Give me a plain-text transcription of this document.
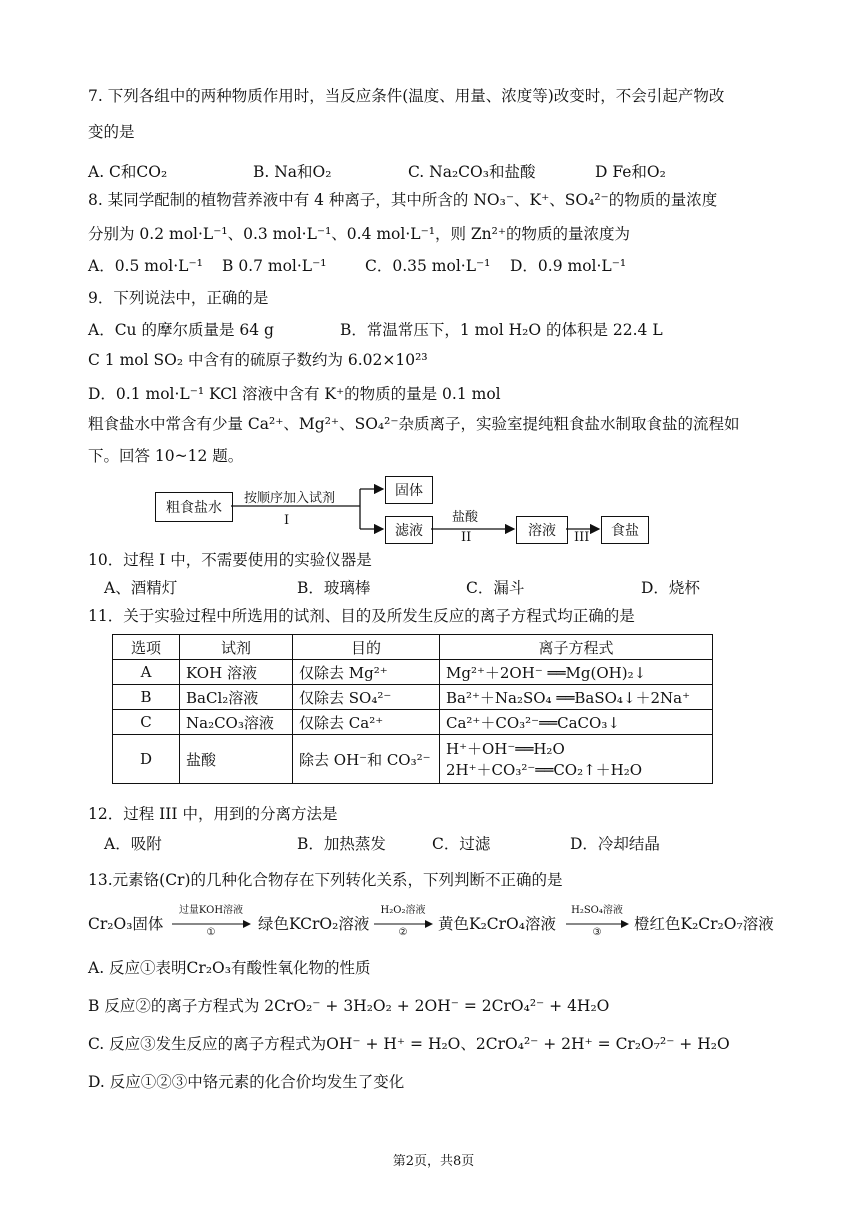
7. 下列各组中的两种物质作用时，当反应条件(温度、用量、浓度等)改变时，不会引起产物改
变的是
A. C和CO₂	B. Na和O₂	C. Na₂CO₃和盐酸	D Fe和O₂
8. 某同学配制的植物营养液中有 4 种离子，其中所含的 NO₃⁻、K⁺、SO₄²⁻的物质的量浓度
分别为 0.2 mol·L⁻¹、0.3 mol·L⁻¹、0.4 mol·L⁻¹，则 Zn²⁺的物质的量浓度为
A．0.5 mol·L⁻¹ B 0.7 mol·L⁻¹ C．0.35 mol·L⁻¹ D．0.9 mol·L⁻¹
9．下列说法中，正确的是
A．Cu 的摩尔质量是 64 g	B．常温常压下，1 mol H₂O 的体积是 22.4 L
C 1 mol SO₂ 中含有的硫原子数约为 6.02×10²³
D．0.1 mol·L⁻¹ KCl 溶液中含有 K⁺的物质的量是 0.1 mol
粗食盐水中常含有少量 Ca²⁺、Mg²⁺、SO₄²⁻杂质离子，实验室提纯粗食盐水制取食盐的流程如
下。回答 10~12 题。
粗食盐水
按顺序加入试剂
I
固体
滤液
盐酸
II	溶液	III	食盐
10．过程 I 中，不需要使用的实验仪器是
A、酒精灯	B．玻璃棒	C．漏斗	D．烧杯
11．关于实验过程中所选用的试剂、目的及所发生反应的离子方程式均正确的是
选项	试剂	目的	离子方程式
A	KOH 溶液	仅除去 Mg²⁺	Mg²⁺＋2OH⁻ ══Mg(OH)₂↓
B	BaCl₂溶液	仅除去 SO₄²⁻	Ba²⁺＋Na₂SO₄ ══BaSO₄↓＋2Na⁺
C	Na₂CO₃溶液	仅除去 Ca²⁺	Ca²⁺＋CO₃²⁻══CaCO₃↓
D	盐酸	除去 OH⁻和 CO₃²⁻	H⁺＋OH⁻══H₂O
2H⁺＋CO₃²⁻══CO₂↑＋H₂O
12．过程 III 中，用到的分离方法是
A．吸附	B．加热蒸发	C．过滤	D．冷却结晶
13.元素铬(Cr)的几种化合物存在下列转化关系，下列判断不正确的是
Cr₂O₃固体
过量KOH溶液
①	绿色KCrO₂溶液
H₂O₂溶液
②	黄色K₂CrO₄溶液
H₂SO₄溶液
③	橙红色K₂Cr₂O₇溶液
A. 反应①表明Cr₂O₃有酸性氧化物的性质
B 反应②的离子方程式为 2CrO₂⁻ + 3H₂O₂ + 2OH⁻ = 2CrO₄²⁻ + 4H₂O
C. 反应③发生反应的离子方程式为OH⁻ + H⁺ = H₂O、2CrO₄²⁻ + 2H⁺ = Cr₂O₇²⁻ + H₂O
D. 反应①②③中铬元素的化合价均发生了变化
第2页，共8页
